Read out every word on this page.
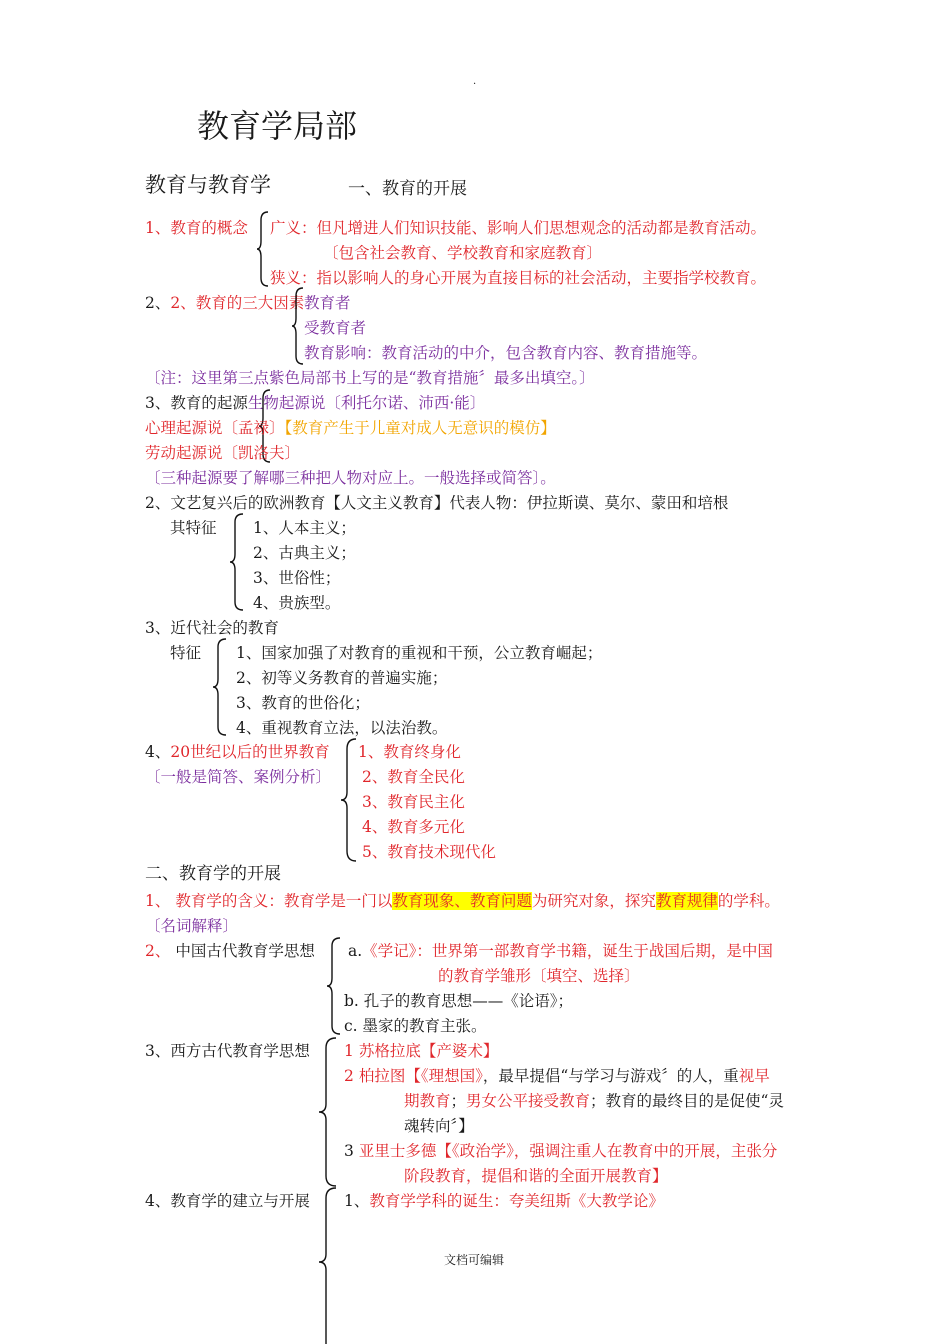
.
教育学局部
教育与教育学	一、教育的开展
1、教育的概念 广义：但凡增进人们知识技能、影响人们思想观念的活动都是教育活动。
〔包含社会教育、学校教育和家庭教育〕
狭义：指以影响人的身心开展为直接目标的社会活动，主要指学校教育。
2、2、教育的三大因素 教育者
受教育者
教育影响：教育活动的中介，包含教育内容、教育措施等。
〔注：这里第三点紫色局部书上写的是“教育措施〞最多出填空。〕
3、教育的起源生物起源说〔利托尔诺、沛西·能〕
心理起源说〔孟禄〕【教育产生于儿童对成人无意识的模仿】
劳动起源说〔凯洛夫〕
〔三种起源要了解哪三种把人物对应上。一般选择或简答〕。
2、文艺复兴后的欧洲教育【人文主义教育】代表人物：伊拉斯谟、莫尔、蒙田和培根
其特征 1、人本主义；
2、古典主义；
3、世俗性；
4、贵族型。
3、近代社会的教育
特征 1、国家加强了对教育的重视和干预，公立教育崛起；
2、初等义务教育的普遍实施；
3、教育的世俗化；
4、重视教育立法，以法治教。
4、20世纪以后的世界教育
〔一般是简答、案例分析〕
1、教育终身化
2、教育全民化
3、教育民主化
4、教育多元化
5、教育技术现代化
二、教育学的开展
1、 教育学的含义：教育学是一门以教育现象、教育问题为研究对象，探究教育规律的学科。
〔名词解释〕
2、 中国古代教育学思想 a.《学记》：世界第一部教育学书籍，诞生于战国后期，是中国
的教育学雏形〔填空、选择〕
b. 孔子的教育思想——《论语》；
c. 墨家的教育主张。
3、西方古代教育学思想 1 苏格拉底【产婆术】
2 柏拉图【《理想国》，最早提倡“与学习与游戏〞的人，重视早
期教育；男女公平接受教育；教育的最终目的是促使“灵
魂转向〞】
3 亚里士多德【《政治学》，强调注重人在教育中的开展，主张分
阶段教育，提倡和谐的全面开展教育】
4、教育学的建立与开展 1、教育学学科的诞生：夸美纽斯《大教学论》
文档可编辑
